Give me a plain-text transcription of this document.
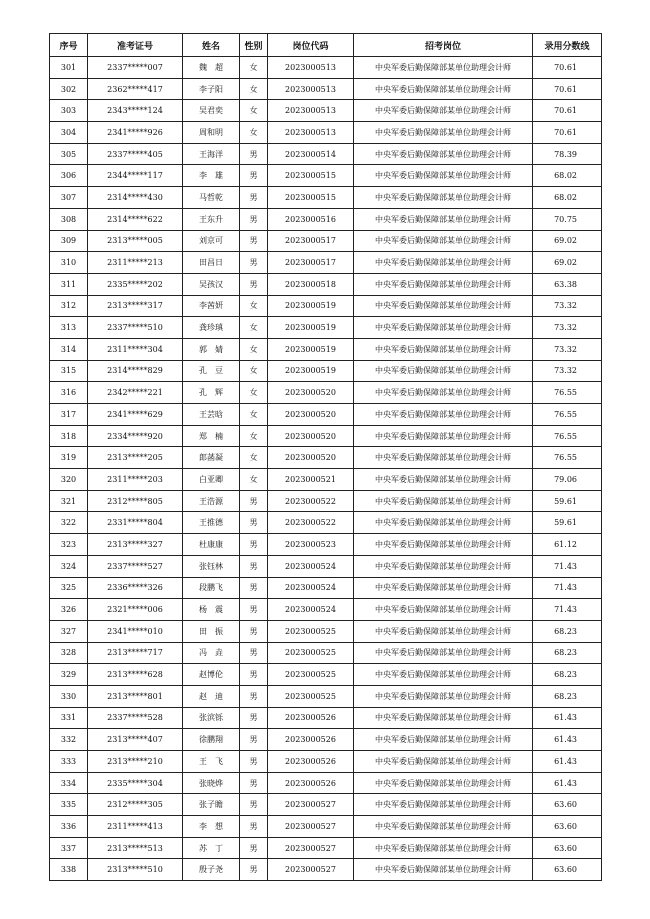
序号	准考证号	姓名	性别	岗位代码	招考岗位	录用分数线
301	2337*****007	魏　超	女	2023000513	中央军委后勤保障部某单位助理会计师	70.61
302	2362*****417	李子阳	女	2023000513	中央军委后勤保障部某单位助理会计师	70.61
303	2343*****124	吴君奕	女	2023000513	中央军委后勤保障部某单位助理会计师	70.61
304	2341*****926	周和明	女	2023000513	中央军委后勤保障部某单位助理会计师	70.61
305	2337*****405	王海洋	男	2023000514	中央军委后勤保障部某单位助理会计师	78.39
306	2344*****117	李　雄	男	2023000515	中央军委后勤保障部某单位助理会计师	68.02
307	2314*****430	马哲乾	男	2023000515	中央军委后勤保障部某单位助理会计师	68.02
308	2314*****622	王东升	男	2023000516	中央军委后勤保障部某单位助理会计师	70.75
309	2313*****005	刘京可	男	2023000517	中央军委后勤保障部某单位助理会计师	69.02
310	2311*****213	田昌日	男	2023000517	中央军委后勤保障部某单位助理会计师	69.02
311	2335*****202	吴孩汉	男	2023000518	中央军委后勤保障部某单位助理会计师	63.38
312	2313*****317	李茜妍	女	2023000519	中央军委后勤保障部某单位助理会计师	73.32
313	2337*****510	龚珍瑱	女	2023000519	中央军委后勤保障部某单位助理会计师	73.32
314	2311*****304	郭　婧	女	2023000519	中央军委后勤保障部某单位助理会计师	73.32
315	2314*****829	孔　豆	女	2023000519	中央军委后勤保障部某单位助理会计师	73.32
316	2342*****221	孔　辉	女	2023000520	中央军委后勤保障部某单位助理会计师	76.55
317	2341*****629	王芸晗	女	2023000520	中央军委后勤保障部某单位助理会计师	76.55
318	2334*****920	郑　楠	女	2023000520	中央军委后勤保障部某单位助理会计师	76.55
319	2313*****205	郎菡凝	女	2023000520	中央军委后勤保障部某单位助理会计师	76.55
320	2311*****203	白亚卿	女	2023000521	中央军委后勤保障部某单位助理会计师	79.06
321	2312*****805	王浩源	男	2023000522	中央军委后勤保障部某单位助理会计师	59.61
322	2331*****804	王推德	男	2023000522	中央军委后勤保障部某单位助理会计师	59.61
323	2313*****327	杜康康	男	2023000523	中央军委后勤保障部某单位助理会计师	61.12
324	2337*****527	张钰林	男	2023000524	中央军委后勤保障部某单位助理会计师	71.43
325	2336*****326	段鹏飞	男	2023000524	中央军委后勤保障部某单位助理会计师	71.43
326	2321*****006	杨　震	男	2023000524	中央军委后勤保障部某单位助理会计师	71.43
327	2341*****010	田　振	男	2023000525	中央军委后勤保障部某单位助理会计师	68.23
328	2313*****717	冯　垚	男	2023000525	中央军委后勤保障部某单位助理会计师	68.23
329	2313*****628	赵博伦	男	2023000525	中央军委后勤保障部某单位助理会计师	68.23
330	2313*****801	赵　迪	男	2023000525	中央军委后勤保障部某单位助理会计师	68.23
331	2337*****528	张滨铄	男	2023000526	中央军委后勤保障部某单位助理会计师	61.43
332	2313*****407	徐鹏翔	男	2023000526	中央军委后勤保障部某单位助理会计师	61.43
333	2313*****210	王　飞	男	2023000526	中央军委后勤保障部某单位助理会计师	61.43
334	2335*****304	张晓烨	男	2023000526	中央军委后勤保障部某单位助理会计师	61.43
335	2312*****305	张子瞻	男	2023000527	中央军委后勤保障部某单位助理会计师	63.60
336	2311*****413	李　想	男	2023000527	中央军委后勤保障部某单位助理会计师	63.60
337	2313*****513	苏　丁	男	2023000527	中央军委后勤保障部某单位助理会计师	63.60
338	2313*****510	殷子尧	男	2023000527	中央军委后勤保障部某单位助理会计师	63.60
